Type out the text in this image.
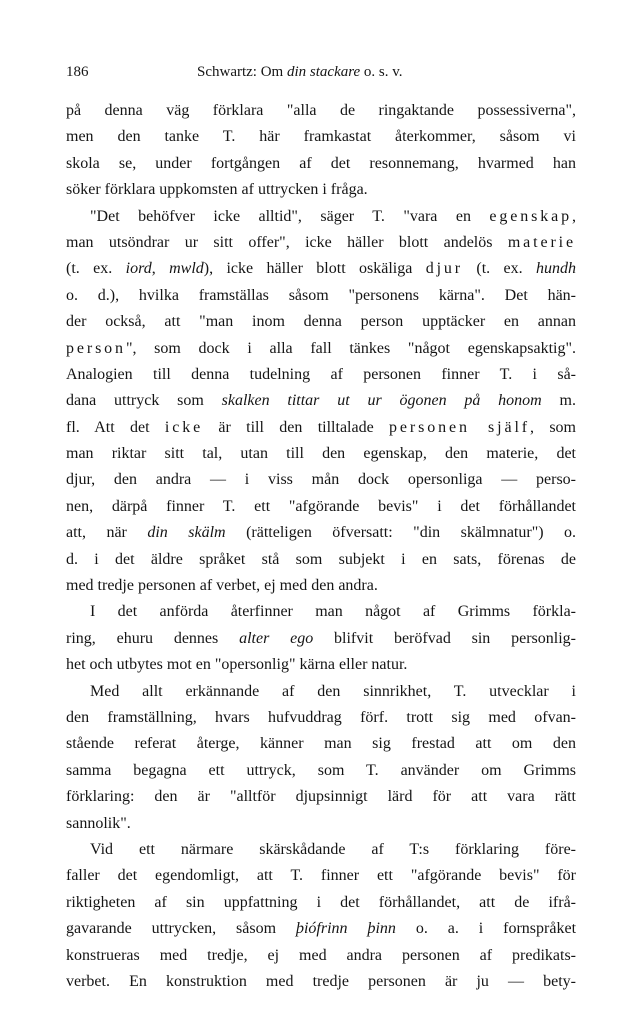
186	Schwartz: Om din stackare o. s. v.
på denna väg förklara "alla de ringaktande possessiverna",
men den tanke T. här framkastat återkommer, såsom vi
skola se, under fortgången af det resonnemang, hvarmed han
söker förklara uppkomsten af uttrycken i fråga.
"Det behöfver icke alltid", säger T. "vara en egenskap,
man utsöndrar ur sitt offer", icke häller blott andelös materie
(t. ex. iord, mwld), icke häller blott oskäliga djur (t. ex. hundh
o. d.), hvilka framställas såsom "personens kärna". Det hän-
der också, att "man inom denna person upptäcker en annan
person", som dock i alla fall tänkes "något egenskapsaktig".
Analogien till denna tudelning af personen finner T. i så-
dana uttryck som skalken tittar ut ur ögonen på honom m.
fl. Att det icke är till den tilltalade personen själf, som
man riktar sitt tal, utan till den egenskap, den materie, det
djur, den andra — i viss mån dock opersonliga — perso-
nen, därpå finner T. ett "afgörande bevis" i det förhållandet
att, när din skälm (rätteligen öfversatt: "din skälmnatur") o.
d. i det äldre språket stå som subjekt i en sats, förenas de
med tredje personen af verbet, ej med den andra.
I det anförda återfinner man något af Grimms förkla-
ring, ehuru dennes alter ego blifvit beröfvad sin personlig-
het och utbytes mot en "opersonlig" kärna eller natur.
Med allt erkännande af den sinnrikhet, T. utvecklar i
den framställning, hvars hufvuddrag förf. trott sig med ofvan-
stående referat återge, känner man sig frestad att om den
samma begagna ett uttryck, som T. använder om Grimms
förklaring: den är "alltför djupsinnigt lärd för att vara rätt
sannolik".
Vid ett närmare skärskådande af T:s förklaring före-
faller det egendomligt, att T. finner ett "afgörande bevis" för
riktigheten af sin uppfattning i det förhållandet, att de ifrå-
gavarande uttrycken, såsom þiófrinn þinn o. a. i fornspråket
konstrueras med tredje, ej med andra personen af predikats-
verbet. En konstruktion med tredje personen är ju — bety-
